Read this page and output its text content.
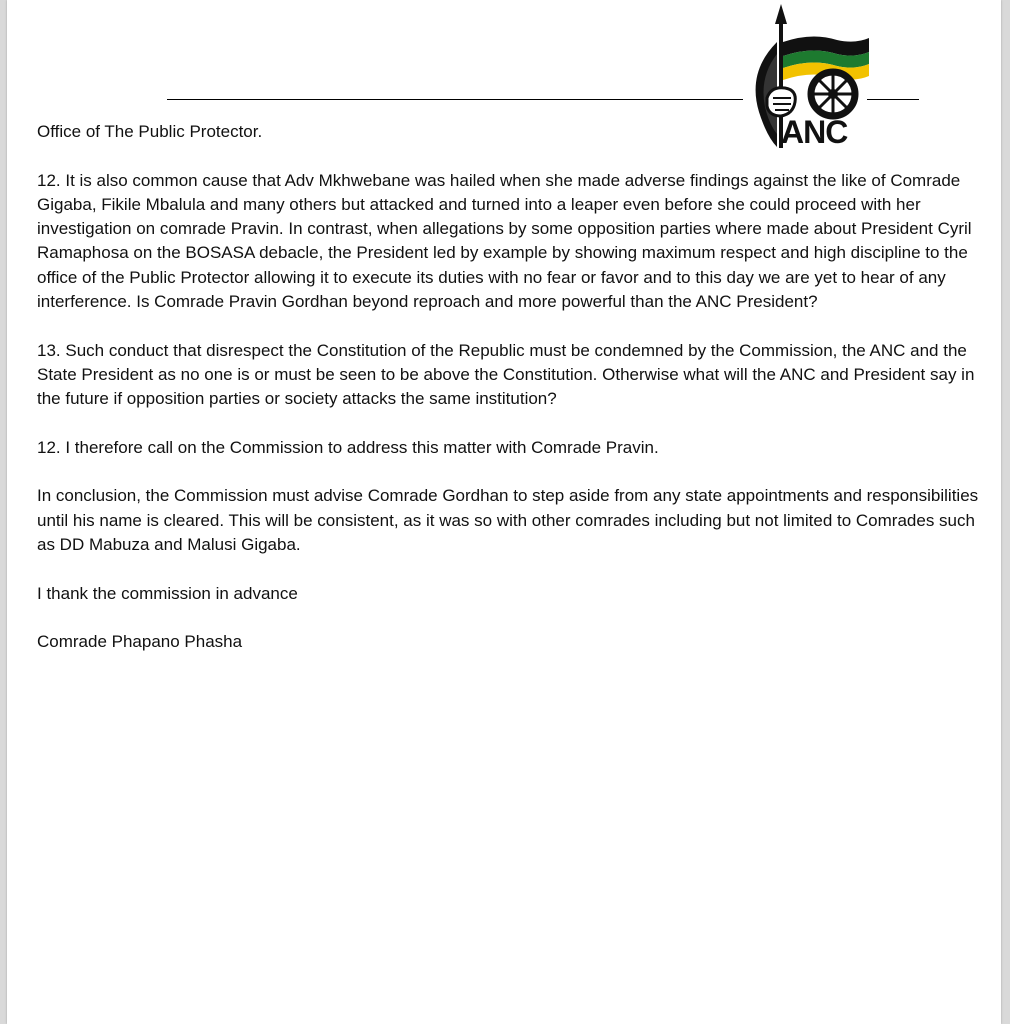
ANC

Office of The Public Protector.

12. It is also common cause that Adv Mkhwebane was hailed when she made adverse findings against the like of Comrade Gigaba, Fikile Mbalula and many others but attacked and turned into a leaper even before she could proceed with her investigation on comrade Pravin. In contrast, when allegations by some opposition parties where made about President Cyril Ramaphosa on the BOSASA debacle, the President led by example by showing maximum respect and high discipline to the office of the Public Protector allowing it to execute its duties with no fear or favor and to this day we are yet to hear of any interference. Is Comrade Pravin Gordhan beyond reproach and more powerful than the ANC President?

13. Such conduct that disrespect the Constitution of the Republic must be condemned by the Commission, the ANC and the State President as no one is or must be seen to be above the Constitution. Otherwise what will the ANC and President say in the future if opposition parties or society attacks the same institution?

12. I therefore call on the Commission to address this matter with Comrade Pravin.

In conclusion, the Commission must advise Comrade Gordhan to step aside from any state appointments and responsibilities until his name is cleared. This will be consistent, as it was so with other comrades including but not limited to Comrades such as DD Mabuza and Malusi Gigaba.

I thank the commission in advance

Comrade Phapano Phasha
